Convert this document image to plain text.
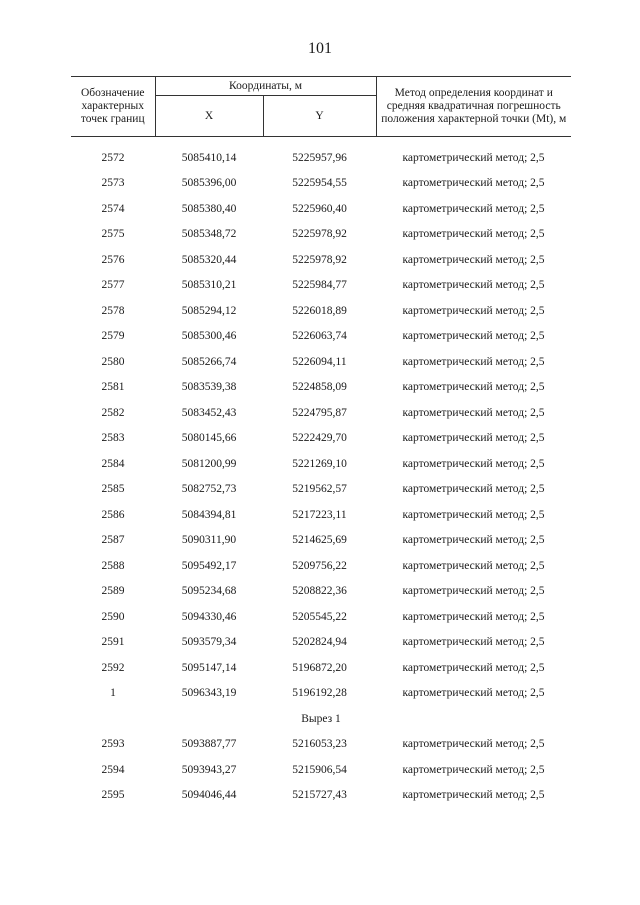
101
Обозначение характерных точек границ	Координаты, м		Метод определения координат и средняя квадратичная погрешность положения характерной точки (Мt), м
	X	Y	
2572	5085410,14	5225957,96	картометрический метод; 2,5
2573	5085396,00	5225954,55	картометрический метод; 2,5
2574	5085380,40	5225960,40	картометрический метод; 2,5
2575	5085348,72	5225978,92	картометрический метод; 2,5
2576	5085320,44	5225978,92	картометрический метод; 2,5
2577	5085310,21	5225984,77	картометрический метод; 2,5
2578	5085294,12	5226018,89	картометрический метод; 2,5
2579	5085300,46	5226063,74	картометрический метод; 2,5
2580	5085266,74	5226094,11	картометрический метод; 2,5
2581	5083539,38	5224858,09	картометрический метод; 2,5
2582	5083452,43	5224795,87	картометрический метод; 2,5
2583	5080145,66	5222429,70	картометрический метод; 2,5
2584	5081200,99	5221269,10	картометрический метод; 2,5
2585	5082752,73	5219562,57	картометрический метод; 2,5
2586	5084394,81	5217223,11	картометрический метод; 2,5
2587	5090311,90	5214625,69	картометрический метод; 2,5
2588	5095492,17	5209756,22	картометрический метод; 2,5
2589	5095234,68	5208822,36	картометрический метод; 2,5
2590	5094330,46	5205545,22	картометрический метод; 2,5
2591	5093579,34	5202824,94	картометрический метод; 2,5
2592	5095147,14	5196872,20	картометрический метод; 2,5
1	5096343,19	5196192,28	картометрический метод; 2,5
Вырез 1			
2593	5093887,77	5216053,23	картометрический метод; 2,5
2594	5093943,27	5215906,54	картометрический метод; 2,5
2595	5094046,44	5215727,43	картометрический метод; 2,5
